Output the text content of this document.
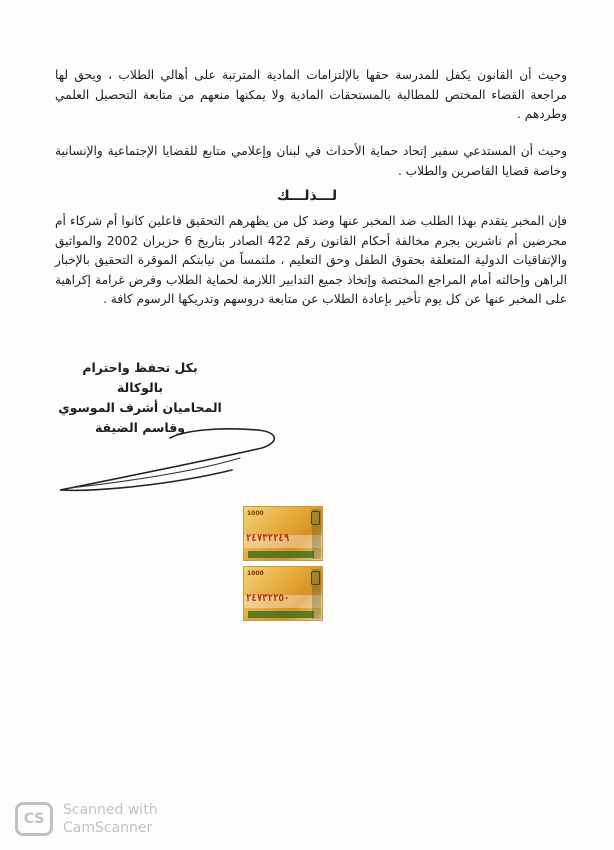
وحيث أن القانون يكفل للمدرسة حقها بالإلتزامات المادية المترتبة على أهالي الطلاب ، ويحق لها مراجعة القضاء المختص للمطالبة بالمستحقات المادية ولا يمكنها منعهم من متابعة التحصيل العلمي وطردهم .

وحيث أن المستدعي سفير إتحاد حماية الأحداث في لبنان وإعلامي متابع للقضايا الإجتماعية والإنسانية وخاصة قضايا القاصرين والطلاب .

لـــذلـــك

فإن المخبر يتقدم بهذا الطلب ضد المخبر عنها وضد كل من يظهرهم التحقيق فاعلين كانوا أم شركاء أم محرضين أم ناشرين بجرم مخالفة أحكام القانون رقم 422 الصادر بتاريخ 6 حزيران 2002 والمواثيق والإتفاقيات الدولية المتعلقة بحقوق الطفل وحق التعليم ، ملتمساً من نيابتكم الموقرة التحقيق بالإخبار الراهن وإحالته أمام المراجع المختصة وإتخاذ جميع التدابير اللازمة لحماية الطلاب وفرض غرامة إكراهية على المخبر عنها عن كل يوم تأخير بإعادة الطلاب عن متابعة دروسهم وتدريكها الرسوم كافة .

بكل تحفظ واحترام
بالوكالة
المحاميان أشرف الموسوي
وقاسم الضيقة
1000
٢٤٧٣٢٢٤٩
1000
٢٤٧٣٢٢٥٠
CS
Scanned with
CamScanner
